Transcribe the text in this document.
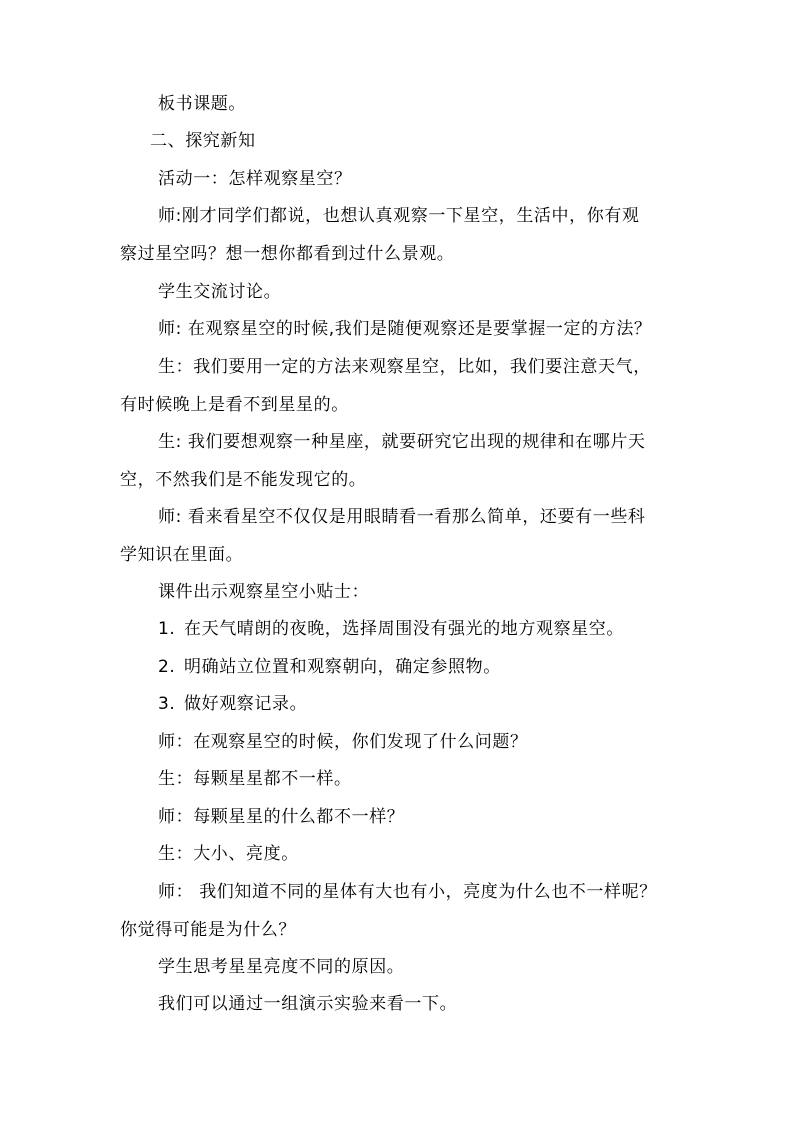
板书课题。

二、探究新知

活动一：怎样观察星空？

师:刚才同学们都说，也想认真观察一下星空，生活中，你有观
察过星空吗？想一想你都看到过什么景观。

学生交流讨论。

师: 在观察星空的时候,我们是随便观察还是要掌握一定的方法？

生：我们要用一定的方法来观察星空，比如，我们要注意天气，
有时候晚上是看不到星星的。

生: 我们要想观察一种星座，就要研究它出现的规律和在哪片天
空，不然我们是不能发现它的。

师: 看来看星空不仅仅是用眼睛看一看那么简单，还要有一些科
学知识在里面。

课件出示观察星空小贴士：

1. 在天气晴朗的夜晚，选择周围没有强光的地方观察星空。

2. 明确站立位置和观察朝向，确定参照物。

3. 做好观察记录。

师：在观察星空的时候，你们发现了什么问题？

生：每颗星星都不一样。

师：每颗星星的什么都不一样？

生：大小、亮度。

师： 我们知道不同的星体有大也有小，亮度为什么也不一样呢？
你觉得可能是为什么？

学生思考星星亮度不同的原因。

我们可以通过一组演示实验来看一下。
